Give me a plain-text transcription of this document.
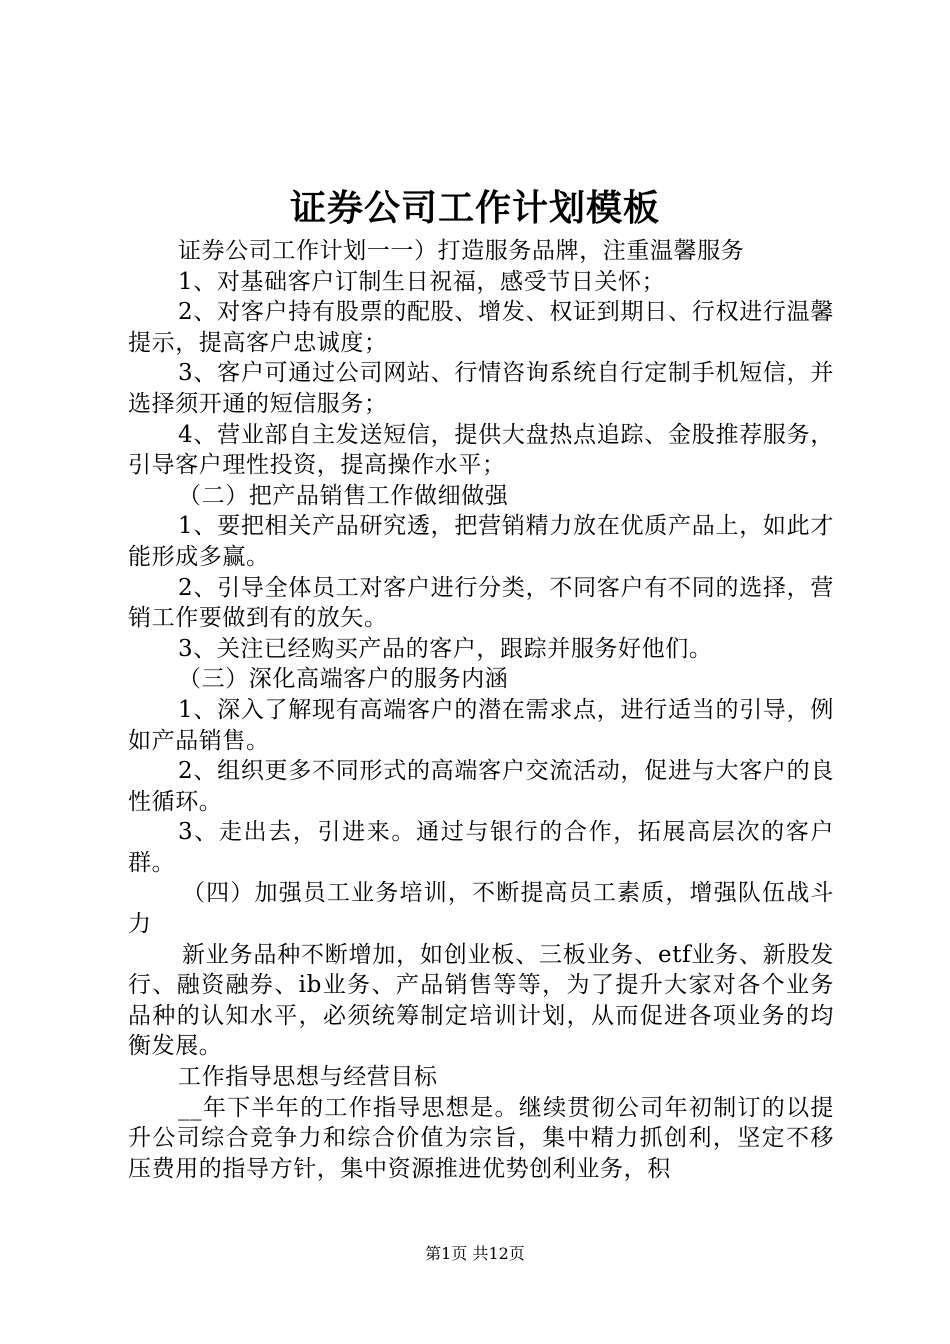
证券公司工作计划模板

证券公司工作计划一一）打造服务品牌，注重温馨服务

1、对基础客户订制生日祝福，感受节日关怀；

2、对客户持有股票的配股、增发、权证到期日、行权进行温馨提示，提高客户忠诚度；

3、客户可通过公司网站、行情咨询系统自行定制手机短信，并选择须开通的短信服务；

4、营业部自主发送短信，提供大盘热点追踪、金股推荐服务，引导客户理性投资，提高操作水平；

（二）把产品销售工作做细做强

1、要把相关产品研究透，把营销精力放在优质产品上，如此才能形成多赢。

2、引导全体员工对客户进行分类，不同客户有不同的选择，营销工作要做到有的放矢。

3、关注已经购买产品的客户，跟踪并服务好他们。

（三）深化高端客户的服务内涵

1、深入了解现有高端客户的潜在需求点，进行适当的引导，例如产品销售。

2、组织更多不同形式的高端客户交流活动，促进与大客户的良性循环。

3、走出去，引进来。通过与银行的合作，拓展高层次的客户群。

（四）加强员工业务培训，不断提高员工素质，增强队伍战斗力

新业务品种不断增加，如创业板、三板业务、etf业务、新股发行、融资融券、ib业务、产品销售等等，为了提升大家对各个业务品种的认知水平，必须统筹制定培训计划，从而促进各项业务的均衡发展。

工作指导思想与经营目标

__年下半年的工作指导思想是。继续贯彻公司年初制订的以提升公司综合竞争力和综合价值为宗旨，集中精力抓创利，坚定不移压费用的指导方针，集中资源推进优势创利业务，积

第1页 共12页
